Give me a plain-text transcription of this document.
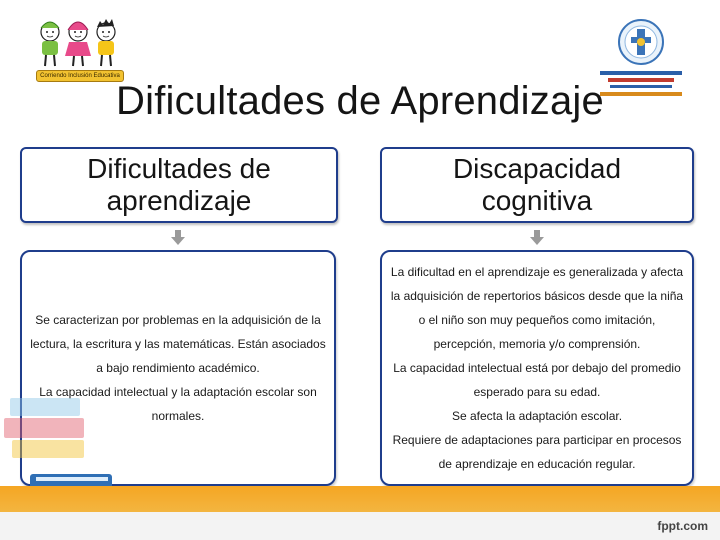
Corriendo Inclusión Educativa
Dificultades de Aprendizaje
Dificultades de aprendizaje
Discapacidad cognitiva

Se caracterizan por problemas en la adquisición de la lectura, la escritura y las matemáticas. Están asociados a bajo rendimiento académico.

La capacidad intelectual y la adaptación escolar son normales.

La dificultad en el aprendizaje es generalizada y afecta la adquisición de repertorios básicos desde que la niña o el niño son muy pequeños como imitación, percepción, memoria y/o comprensión.

La capacidad intelectual está por debajo del promedio esperado para su edad.

Se afecta la adaptación escolar.

Requiere de adaptaciones para participar en procesos de aprendizaje en educación regular.

fppt.com
